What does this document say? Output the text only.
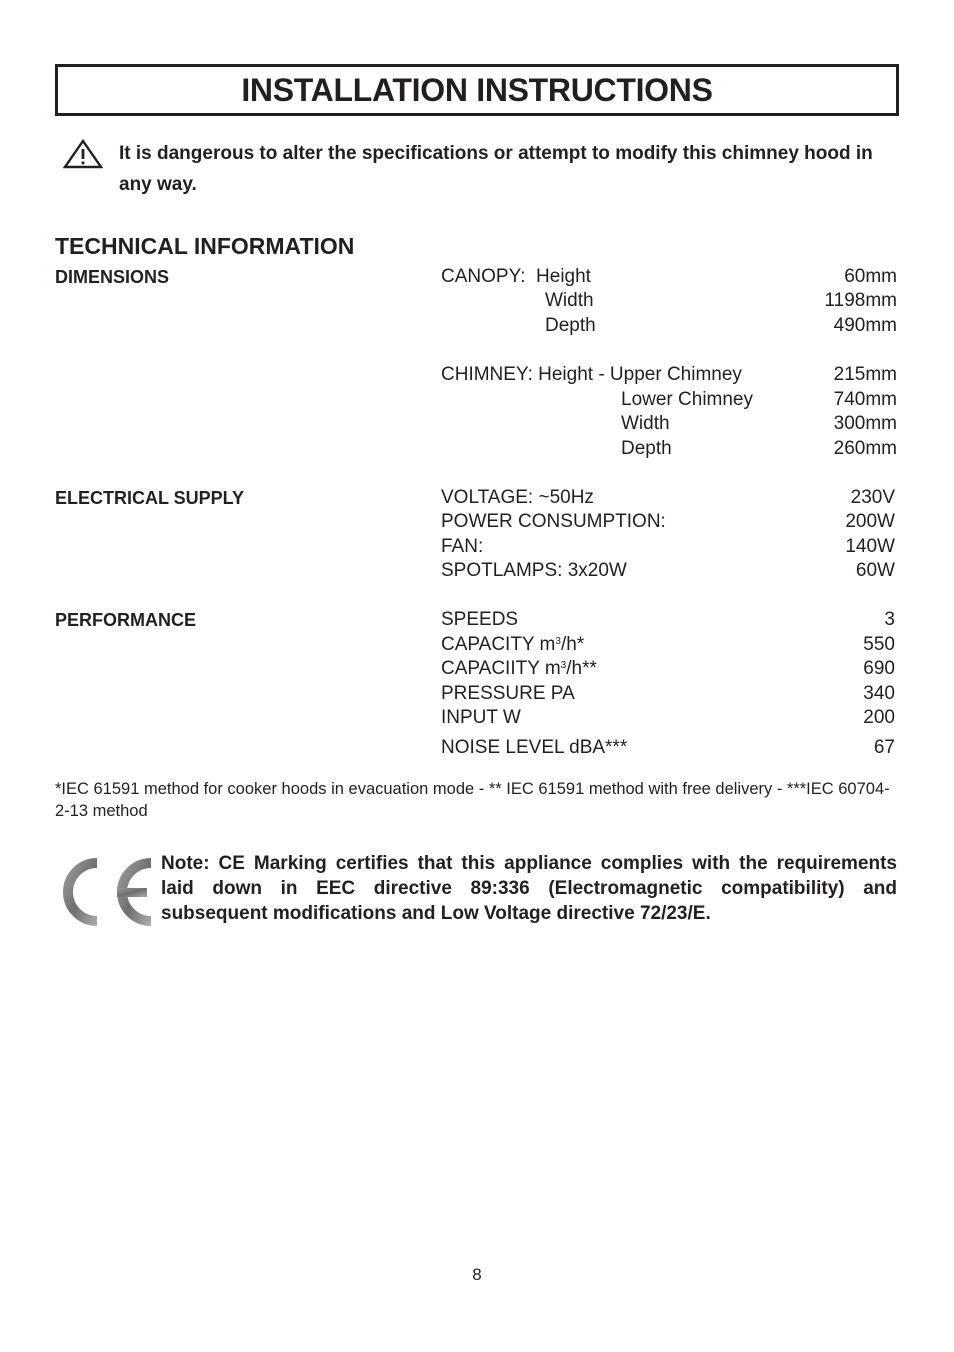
INSTALLATION INSTRUCTIONS
It is dangerous to alter the specifications or attempt to modify this chimney hood in any way.
TECHNICAL INFORMATION
DIMENSIONS	CANOPY:  Height	60mm
Width	1198mm
Depth	490mm
CHIMNEY: Height - Upper Chimney	215mm
Lower Chimney	740mm
Width	300mm
Depth	260mm
ELECTRICAL SUPPLY	VOLTAGE: ~50Hz	230V
POWER CONSUMPTION:	200W
FAN:	140W
SPOTLAMPS: 3x20W	60W
PERFORMANCE	SPEEDS	3
CAPACITY $m^3/h*$	550
CAPACIITY $m^3/h**$	690
PRESSURE PA	340
INPUT W	200
NOISE LEVEL dBA***	67
*IEC 61591 method for cooker hoods in evacuation mode - ** IEC 61591 method with free delivery - ***IEC 60704-2-13 method
Note: CE Marking certifies that this appliance complies with the requirements laid down in EEC directive 89:336 (Electromagnetic compatibility) and subsequent modifications and Low Voltage directive 72/23/E.
8
